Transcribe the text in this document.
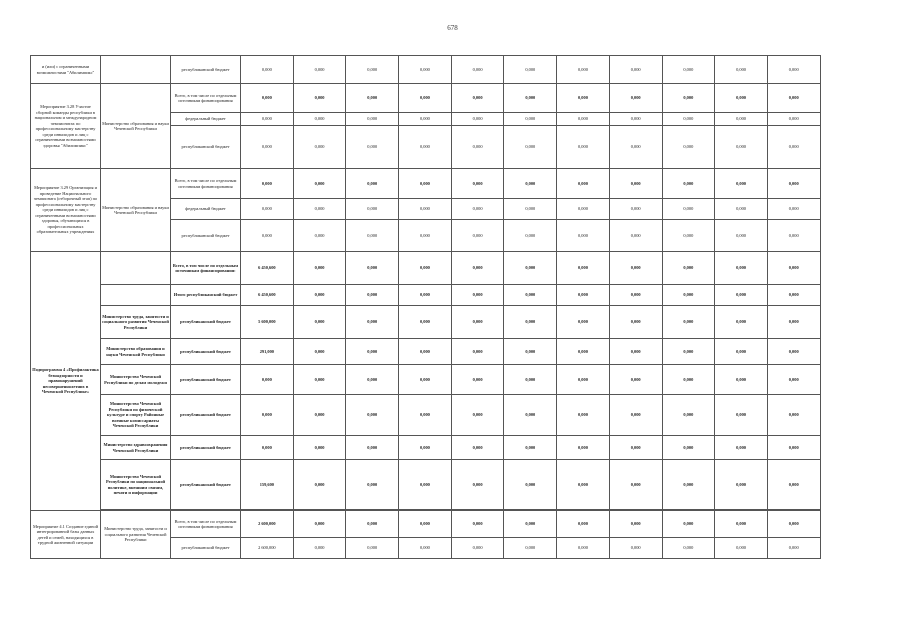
678
и (или) с ограниченными возможностями "Абилимпикс"		республиканский бюджет	0,000	0,000	0,000	0,000	0,000	0,000	0,000	0,000	0,000	0,000	0,000
Мероприятие 3.28 Участие сборной команды республики в национальном и международном чемпионатах по профессиональному мастерству среди инвалидов и лиц с ограниченными возможностями здоровья "Абилимпикс"	Министерство образования и науки Чеченской Республики	Всего, в том числе по отдельным источникам финансирования	0,000	0,000	0,000	0,000	0,000	0,000	0,000	0,000	0,000	0,000	0,000
		федеральный бюджет	0,000	0,000	0,000	0,000	0,000	0,000	0,000	0,000	0,000	0,000	0,000
		республиканский бюджет	0,000	0,000	0,000	0,000	0,000	0,000	0,000	0,000	0,000	0,000	0,000
Мероприятие 3.29 Организация и проведение Национального чемпионата (отборочный этап) по профессиональному мастерству среди инвалидов и лиц с ограниченными возможностями здоровья, обучающихся в профессиональных образовательных учреждениях	Министерство образования и науки Чеченской Республики	Всего, в том числе по отдельным источникам финансирования	0,000	0,000	0,000	0,000	0,000	0,000	0,000	0,000	0,000	0,000	0,000
		федеральный бюджет	0,000	0,000	0,000	0,000	0,000	0,000	0,000	0,000	0,000	0,000	0,000
		республиканский бюджет	0,000	0,000	0,000	0,000	0,000	0,000	0,000	0,000	0,000	0,000	0,000
Подпрограмма 4 «Профилактика безнадзорности и правонарушений несовершеннолетних в Чеченской Республике»		Всего, в том числе по отдельным источникам финансирования:	6 450,600	0,000	0,000	0,000	0,000	0,000	0,000	0,000	0,000	0,000	0,000
		Итого республиканский бюджет	6 450,600	0,000	0,000	0,000	0,000	0,000	0,000	0,000	0,000	0,000	0,000
	Министерство труда, занятости и социального развития Чеченской Республики	республиканский бюджет	5 600,000	0,000	0,000	0,000	0,000	0,000	0,000	0,000	0,000	0,000	0,000
	Министерство образования и науки Чеченской Республики	республиканский бюджет	291,000	0,000	0,000	0,000	0,000	0,000	0,000	0,000	0,000	0,000	0,000
	Министерство Чеченской Республики по делам молодежи	республиканский бюджет	0,000	0,000	0,000	0,000	0,000	0,000	0,000	0,000	0,000	0,000	0,000
	Министерство Чеченской Республики по физической культуре и спорту Районные военные комиссариаты Чеченской Республики	республиканский бюджет	0,000	0,000	0,000	0,000	0,000	0,000	0,000	0,000	0,000	0,000	0,000
	Министерство здравоохранения Чеченской Республики	республиканский бюджет	0,000	0,000	0,000	0,000	0,000	0,000	0,000	0,000	0,000	0,000	0,000
	Министерство Чеченской Республики по национальной политике, внешним связям, печати и информации	республиканский бюджет	159,600	0,000	0,000	0,000	0,000	0,000	0,000	0,000	0,000	0,000	0,000

Мероприятие 4.1 Создание единой интегрированной базы данных детей и семей, находящихся в трудной жизненной ситуации	Министерство труда, занятости и социального развития Чеченской Республики	Всего, в том числе по отдельным источникам финансирования	2 600,000	0,000	0,000	0,000	0,000	0,000	0,000	0,000	0,000	0,000	0,000
		республиканский бюджет	2 600,000	0,000	0,000	0,000	0,000	0,000	0,000	0,000	0,000	0,000	0,000
